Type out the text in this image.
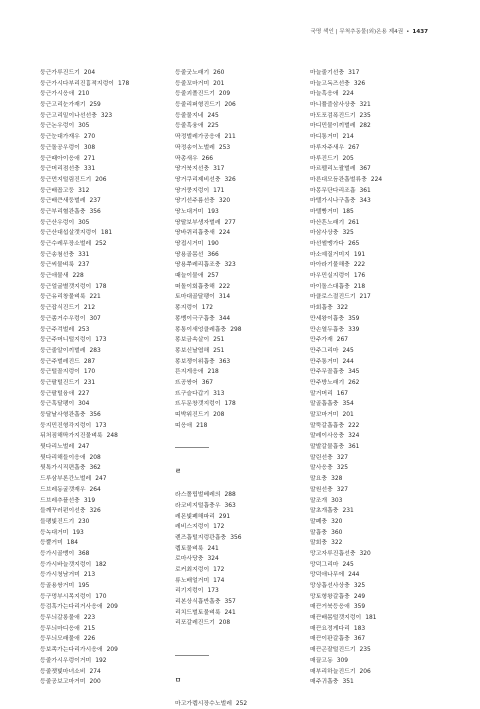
국명 색인 | 무척추동물(외)온용 제4권 • 1437
둥근가루진드기 204
둥근가시다부리진흉적지렁이 178
둥근가시응애 210
둥근고리눈가재기 259
둥근고리밑이나선선충 323
둥근논우렁이 305
둥근눈대가재우 270
둥근돌공우렁이 308
둥근때아이응애 271
둥근머리점선충 331
둥근먼지털림진드기 206
둥근배꼽고둥 312
둥근배큰새둥벌레 237
둥근부리혈관흡충 356
둥근산우렁이 305
둥근산대섭살갯지렁이 181
둥근수레무장소벌레 252
둥근송첨선충 331
둥근씨물벼룩 237
둥근애물새 228
둥근얼굴별갯지렁이 178
둥근유리창물벼룩 221
둥근잡식진드기 212
둥근좀거수우렁이 307
둥근주걱벌레 253
둥근주머니털지렁이 173
둥근줄알이끼벌레 283
둥근주벌레진드 287
둥근털꼴지렁이 170
둥근팔털진드기 231
둥근팔털융애 227
둥근혹달팽이 304
둥달날사형관흡충 356
둥지민진형각지렁이 173
뒤처짐해딱가지진물벼룩 248
뒷다리노벌레 247
뒷다리해들이응애 208
뒷톡가시직편흡충 362
드루삼부론간노벌레 247
드브레동굴갯재우 264
드브레추플선충 319
들깨꾸러펀이선충 326
들팽빛진드기 230
등녹대거미 193
등뿔거미 184
등가시골뱅이 368
등가시바늘갯지렁이 182
등가시청남거미 213
등골용쌍거미 195
등구멍부시목지렁이 170
등검혹가는다리거사응애 209
등무늬갈롱물애 223
등무늬마디응애 215
등무늬모래물애 226
등보족가는다리가시응애 209
등줄가시우렁이거미 192
등줄잿빛마녀소비 274
등줄공보고마거미 200
등줄굿노래기 260
등줄꼬마거미 201
등줄괴폴진드기 209
등줄리퍼형진드기 206
등줄물지네 245
등줄흑융애 225
딱정벌레가공응애 211
딱정송이노벌레 253
딱총새우 266
땅거북지선충 317
땅거쿠리제비선충 326
땅거쿵지렁이 171
땅기선주름선충 320
땅노대거미 193
땅딸보부생자벌레 277
땅바퀴리흡충새 224
땅접시거미 190
땅용골몸선 366
땅용쭈레리흡조충 323
때늘이물애 257
떠돌이회흡충해 222
토마대골달팽이 314
똥지렁이 172
똥벵이극구흡충 344
똥통이새엉클레흡충 298
똥보금속살이 251
똥보신날엽해 251
똥보쟁이위흡충 363
뜬지게응애 218
뜨공쌍어 367
뜨구슬다갑기 313
뜨두문창갯지렁이 178
띠박위진드기 208
띠응애 218
ㄹ
라스폴립벌베레의 288
라코비지털흡충우 363
레몬빛폐해파리 291
레비스지렁이 172
렌즈흡털지렁관흡충 356
렙토물벼룩 241
로마사당충 324
로커최지렁이 172
류노배얼거미 174
리기지렁이 173
리본상식흡반흡충 357
리치드벌토물벼룩 241
리포갈레진드기 208
ㅁ
마고가렙시장수노벌레 252
마늘줄기선충 317
마늘고독즈선충 326
마늘흑응애 224
마니퓰즐삼사상충 321
마도포검폭진드기 235
마디민물이끼벌레 282
마디통거미 214
마루자주새우 267
마루진드기 205
마르펠리노괄벌레 367
마른대모듬관흡벌류충 224
마몽무단다리조흡 361
마텔가시나구흡충 343
마텔빵거미 185
마산흔노래기 261
마삼사상충 325
마선썰맹가다 265
마소예질거미지 191
마아라기물해충 222
마우민실지렁이 176
마이돌스대흡충 218
마클로스절진드기 217
마회흡충 322
만세왕이흡충 359
만손열두흡충 339
만주가재 267
만주그리마 245
만주통거미 244
만주무꼴흡충 345
만주방노래기 262
말거머리 167
말골흡흡충 354
말꼬마거미 201
말뚝갈흡흡충 222
말레이사응충 324
말발갈물흡충 361
말린선충 327
말사응충 325
말요충 328
말원선충 327
말조개 303
말초개흡충 231
말폐충 320
말흡충 360
말회충 322
망고자루진흡선충 320
망덕그리마 245
망덕애나무에 244
망상흡선사상충 325
망토형왕갈흡충 249
매끈거북등응애 359
매끈배몸털갯지렁이 181
매끈요정게다리 183
매끈이판갈흡충 367
매끈곤잘털진드기 235
매끌고동 309
매부리하늘진드기 206
매주귀흡충 351
